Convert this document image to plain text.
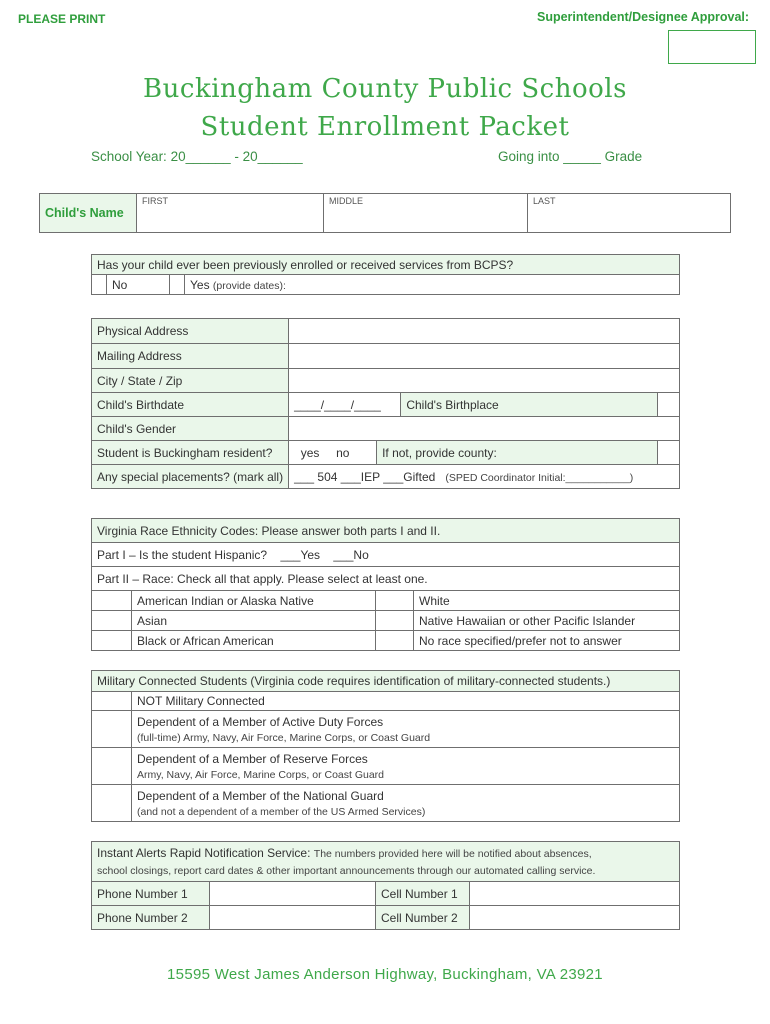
PLEASE PRINT	Superintendent/Designee Approval:
Buckingham County Public Schools
Student Enrollment Packet
School Year: 20______ - 20______	Going into _____ Grade
Child's Name	FIRST	MIDDLE	LAST
Has your child ever been previously enrolled or received services from BCPS?
	No		Yes (provide dates):
Physical Address				
Mailing Address				
City / State / Zip				
Child's Birthdate	____/____/____		Child's Birthplace	
Child's Gender				
Student is Buckingham resident?	yes no	If not, provide county:		
Any special placements? (mark all)	___ 504 ___IEP ___Gifted (SPED Coordinator Initial:___________)			
Virginia Race Ethnicity Codes: Please answer both parts I and II.			
Part I – Is the student Hispanic? ___Yes ___No			
Part II – Race: Check all that apply. Please select at least one.			
	American Indian or Alaska Native		White
	Asian		Native Hawaiian or other Pacific Islander
	Black or African American		No race specified/prefer not to answer
Military Connected Students (Virginia code requires identification of military-connected students.)	
	NOT Military Connected

	Dependent of a Member of Active Duty Forces
(full-time) Army, Navy, Air Force, Marine Corps, or Coast Guard

	Dependent of a Member of Reserve Forces
Army, Navy, Air Force, Marine Corps, or Coast Guard

	Dependent of a Member of the National Guard
(and not a dependent of a member of the US Armed Services)
Instant Alerts Rapid Notification Service: The numbers provided here will be notified about absences,
school closings, report card dates & other important announcements through our automated calling service.			
Phone Number 1		Cell Number 1	
Phone Number 2		Cell Number 2	
15595 West James Anderson Highway, Buckingham, VA 23921
